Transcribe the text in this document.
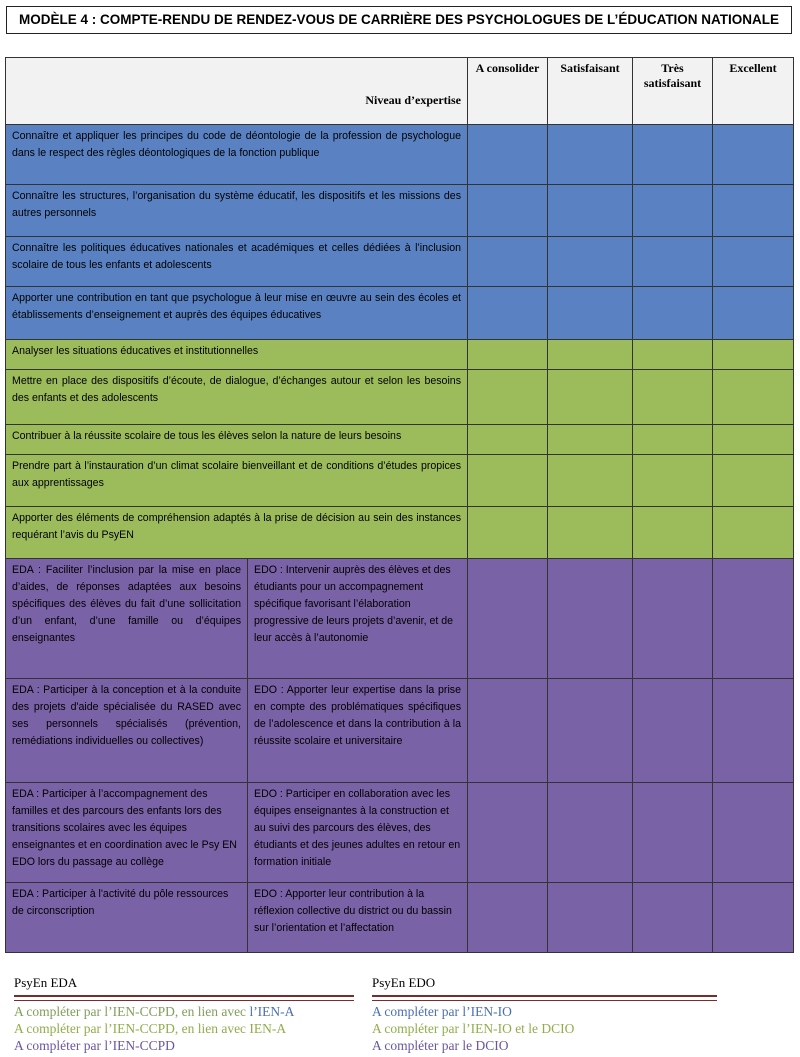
MODÈLE 4 : COMPTE-RENDU DE RENDEZ-VOUS DE CARRIÈRE DES PSYCHOLOGUES DE L’ÉDUCATION NATIONALE
Niveau d’expertise		A consolider	Satisfaisant	Très satisfaisant	Excellent
Connaître et appliquer les principes du code de déontologie de la profession de psychologue dans le respect des règles déontologiques de la fonction publique					
Connaître les structures, l’organisation du système éducatif, les dispositifs et les missions des autres personnels					
Connaître les politiques éducatives nationales et académiques et celles dédiées à l’inclusion scolaire de tous les enfants et adolescents					
Apporter une contribution en tant que psychologue à leur mise en œuvre au sein des écoles et établissements d’enseignement et auprès des équipes éducatives					
Analyser les situations éducatives et institutionnelles					
Mettre en place des dispositifs d’écoute, de dialogue, d’échanges autour et selon les besoins des enfants et des adolescents					
Contribuer à la réussite scolaire de tous les élèves selon la nature de leurs besoins					
Prendre part à l’instauration d’un climat scolaire bienveillant et de conditions d’études propices aux apprentissages					
Apporter des éléments de compréhension adaptés à la prise de décision au sein des instances requérant l’avis du PsyEN					
EDA : Faciliter l’inclusion par la mise en place d’aides, de réponses adaptées aux besoins spécifiques des élèves du fait d’une sollicitation d’un enfant, d’une famille ou d’équipes enseignantes	EDO : Intervenir auprès des élèves et des étudiants pour un accompagnement spécifique favorisant l’élaboration progressive de leurs projets d’avenir, et de leur accès à l’autonomie				
EDA : Participer à la conception et à la conduite des projets d'aide spécialisée du RASED avec ses personnels spécialisés (prévention, remédiations individuelles ou collectives)	EDO : Apporter leur expertise dans la prise en compte des problématiques spécifiques de l’adolescence et dans la contribution à la réussite scolaire et universitaire				
EDA : Participer à l’accompagnement des familles et des parcours des enfants lors des transitions scolaires avec les équipes enseignantes et en coordination avec le Psy EN EDO lors du passage au collège	EDO : Participer en collaboration avec les équipes enseignantes à la construction et au suivi des parcours des élèves, des étudiants et des jeunes adultes en retour en formation initiale				
EDA : Participer à l'activité du pôle ressources de circonscription	EDO : Apporter leur contribution à la réflexion collective du district ou du bassin sur l’orientation et l’affectation				
PsyEn EDA
A compléter par l’IEN-CCPD, en lien avec l’IEN-A
A compléter par l’IEN-CCPD, en lien avec IEN-A
A compléter par l’IEN-CCPD
PsyEn EDO
A compléter par l’IEN-IO
A compléter par l’IEN-IO et le DCIO
A compléter par le DCIO
